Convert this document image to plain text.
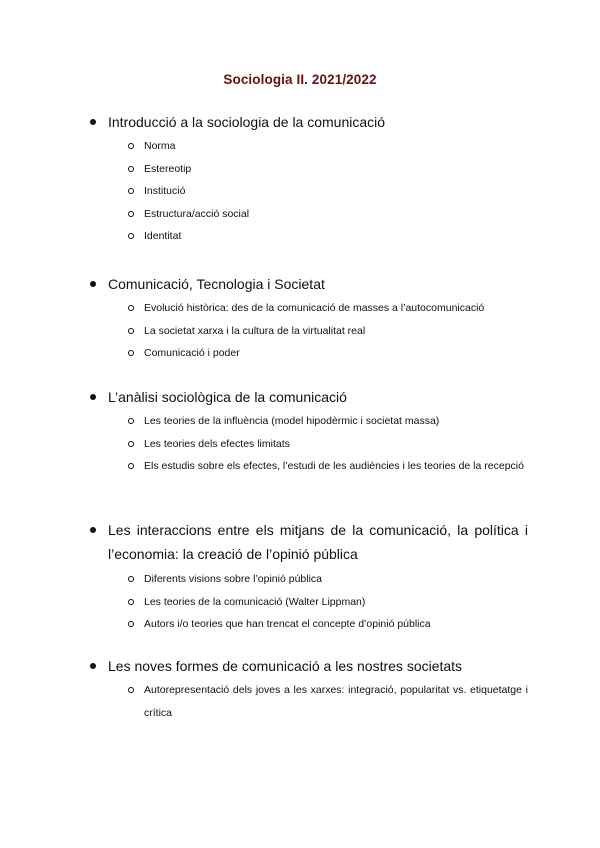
Sociologia II. 2021/2022
Introducció a la sociologia de la comunicació
Norma
Estereotip
Institució
Estructura/acció social
Identitat
Comunicació, Tecnologia i Societat
Evolució històrica: des de la comunicació de masses a l’autocomunicació
La societat xarxa i la cultura de la virtualitat real
Comunicació i poder
L’anàlisi sociològica de la comunicació
Les teories de la influència (model hipodèrmic i societat massa)
Les teories dels efectes limitats
Els estudis sobre els efectes, l’estudi de les audiències i les teories de la recepció
Les interaccions entre els mitjans de la comunicació, la política i l’economia: la creació de l’opinió pública
Diferents visions sobre l’opinió pública
Les teories de la comunicació (Walter Lippman)
Autors i/o teories que han trencat el concepte d’opinió pública
Les noves formes de comunicació a les nostres societats
Autorepresentació dels joves a les xarxes: integració, popularitat vs. etiquetatge i crítica
